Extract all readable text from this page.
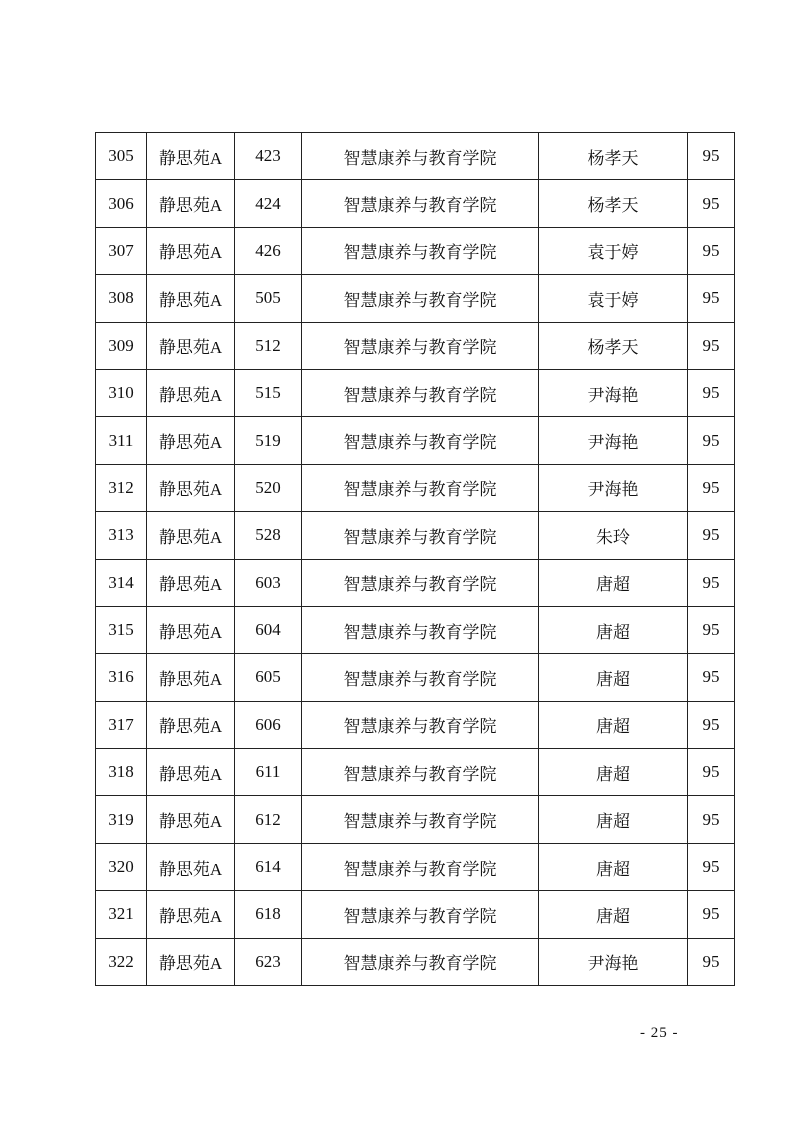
305	静思苑A	423	智慧康养与教育学院	杨孝天	95
306	静思苑A	424	智慧康养与教育学院	杨孝天	95
307	静思苑A	426	智慧康养与教育学院	袁于婷	95
308	静思苑A	505	智慧康养与教育学院	袁于婷	95
309	静思苑A	512	智慧康养与教育学院	杨孝天	95
310	静思苑A	515	智慧康养与教育学院	尹海艳	95
311	静思苑A	519	智慧康养与教育学院	尹海艳	95
312	静思苑A	520	智慧康养与教育学院	尹海艳	95
313	静思苑A	528	智慧康养与教育学院	朱玲	95
314	静思苑A	603	智慧康养与教育学院	唐超	95
315	静思苑A	604	智慧康养与教育学院	唐超	95
316	静思苑A	605	智慧康养与教育学院	唐超	95
317	静思苑A	606	智慧康养与教育学院	唐超	95
318	静思苑A	611	智慧康养与教育学院	唐超	95
319	静思苑A	612	智慧康养与教育学院	唐超	95
320	静思苑A	614	智慧康养与教育学院	唐超	95
321	静思苑A	618	智慧康养与教育学院	唐超	95
322	静思苑A	623	智慧康养与教育学院	尹海艳	95
- 25 -
